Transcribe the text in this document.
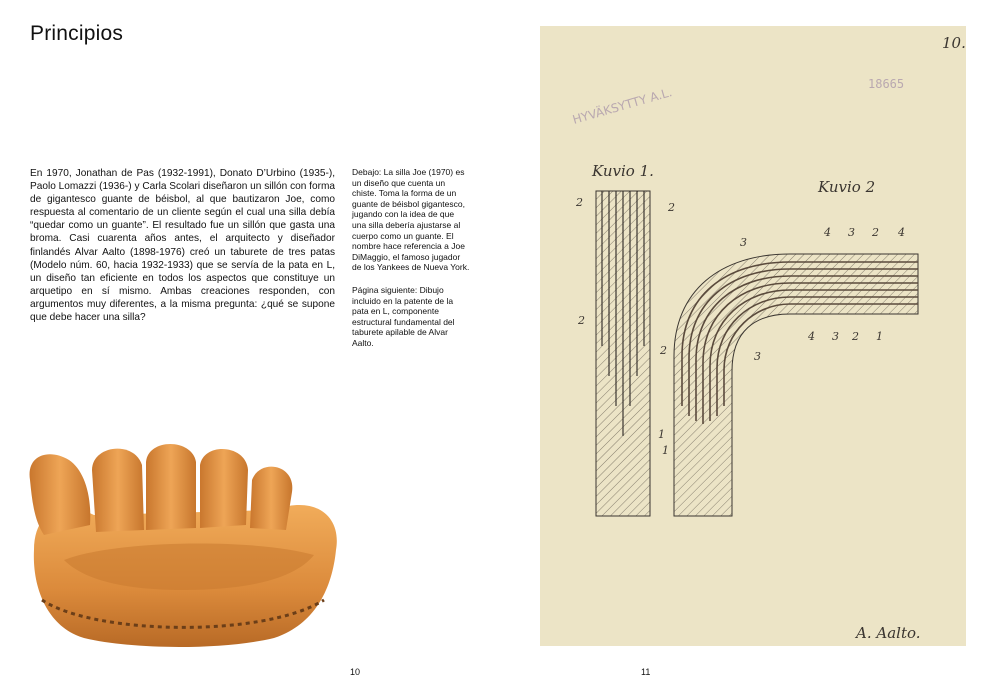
Principios

En 1970, Jonathan de Pas (1932-1991), Donato D’Urbino (1935-), Paolo Lomazzi (1936-) y Carla Scolari diseñaron un sillón con forma de gigantesco guante de béisbol, al que bautizaron Joe, como respuesta al comentario de un cliente según el cual una silla debía “quedar como un guante”. El resultado fue un sillón que gasta una broma. Casi cuarenta años antes, el arquitecto y diseñador finlandés Alvar Aalto (1898-1976) creó un taburete de tres patas (Modelo núm. 60, hacia 1932-1933) que se servía de la pata en L, un diseño tan eficiente en todos los aspectos que constituye un arquetipo en sí mismo. Ambas creaciones responden, con argumentos muy diferentes, a la misma pregunta: ¿qué se supone que debe hacer una silla?

Debajo: La silla Joe (1970) es un diseño que cuenta un chiste. Toma la forma de un guante de béisbol gigantesco, jugando con la idea de que una silla debería ajustarse al cuerpo como un guante. El nombre hace referencia a Joe DiMaggio, el famoso jugador de los Yankees de Nueva York.

Página siguiente: Dibujo incluido en la patente de la pata en L, componente estructural fundamental del taburete apilable de Alvar Aalto.

10	11
HYVÄKSYTTY A.L.
18665
10.
Kuvio 1.
Kuvio 2
2	2
2
2
1
1
3
4 3 2 4
4 3 2 1
3
A. Aalto.
